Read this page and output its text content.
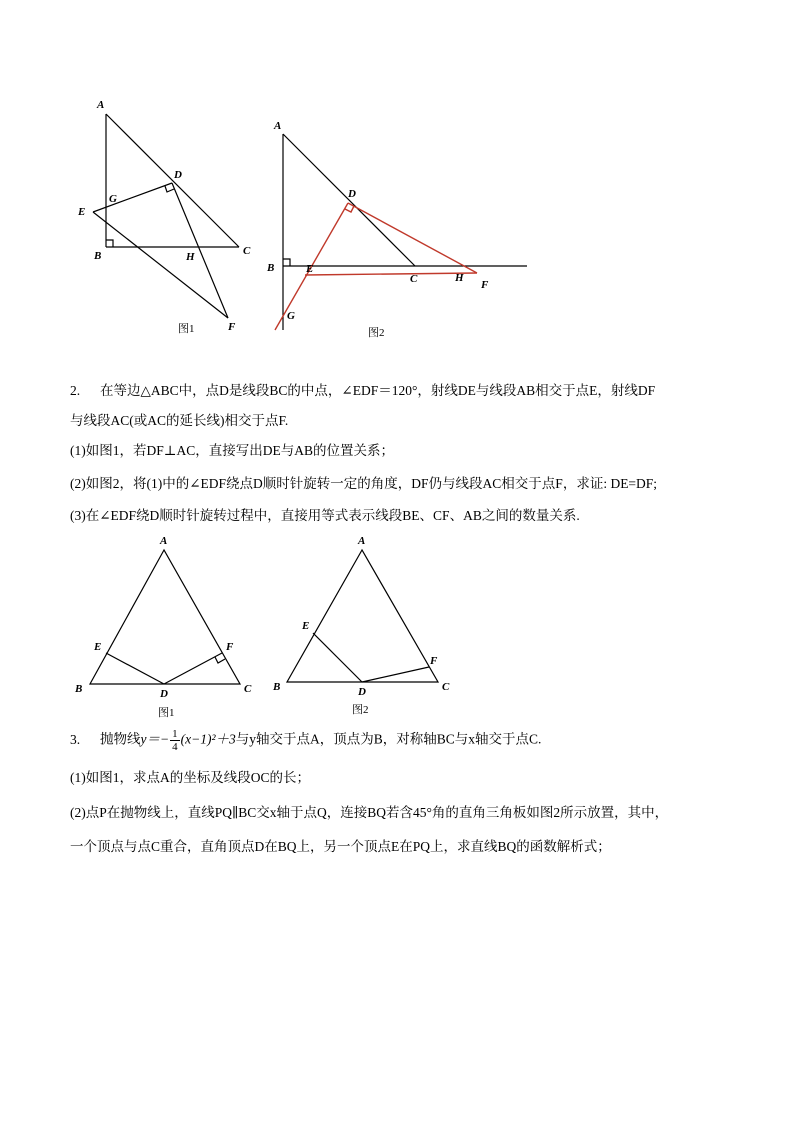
A
B	C
D
E
F
G
H
图1
A
B
C
D
E
F
G
H
图2
2. 在等边△ABC中，点D是线段BC的中点，∠EDF＝120°，射线DE与线段AB相交于点E，射线DF
与线段AC(或AC的延长线)相交于点F.
(1)如图1，若DF⊥AC，直接写出DE与AB的位置关系；
(2)如图2，将(1)中的∠EDF绕点D顺时针旋转一定的角度，DF仍与线段AC相交于点F，求证: DE=DF;
(3)在∠EDF绕D顺时针旋转过程中，直接用等式表示线段BE、CF、AB之间的数量关系.
A
B	C
D
E	F
图1
A
B	C
D
E
F
图2
3. 抛物线$y=- \frac{1}{4} (x-1)^2+3$与y轴交于点A，顶点为B，对称轴BC与x轴交于点C.
(1)如图1，求点A的坐标及线段OC的长；
(2)点P在抛物线上，直线PQ∥BC交x轴于点Q，连接BQ若含45°角的直角三角板如图2所示放置，其中，
一个顶点与点C重合，直角顶点D在BQ上，另一个顶点E在PQ上，求直线BQ的函数解析式；
